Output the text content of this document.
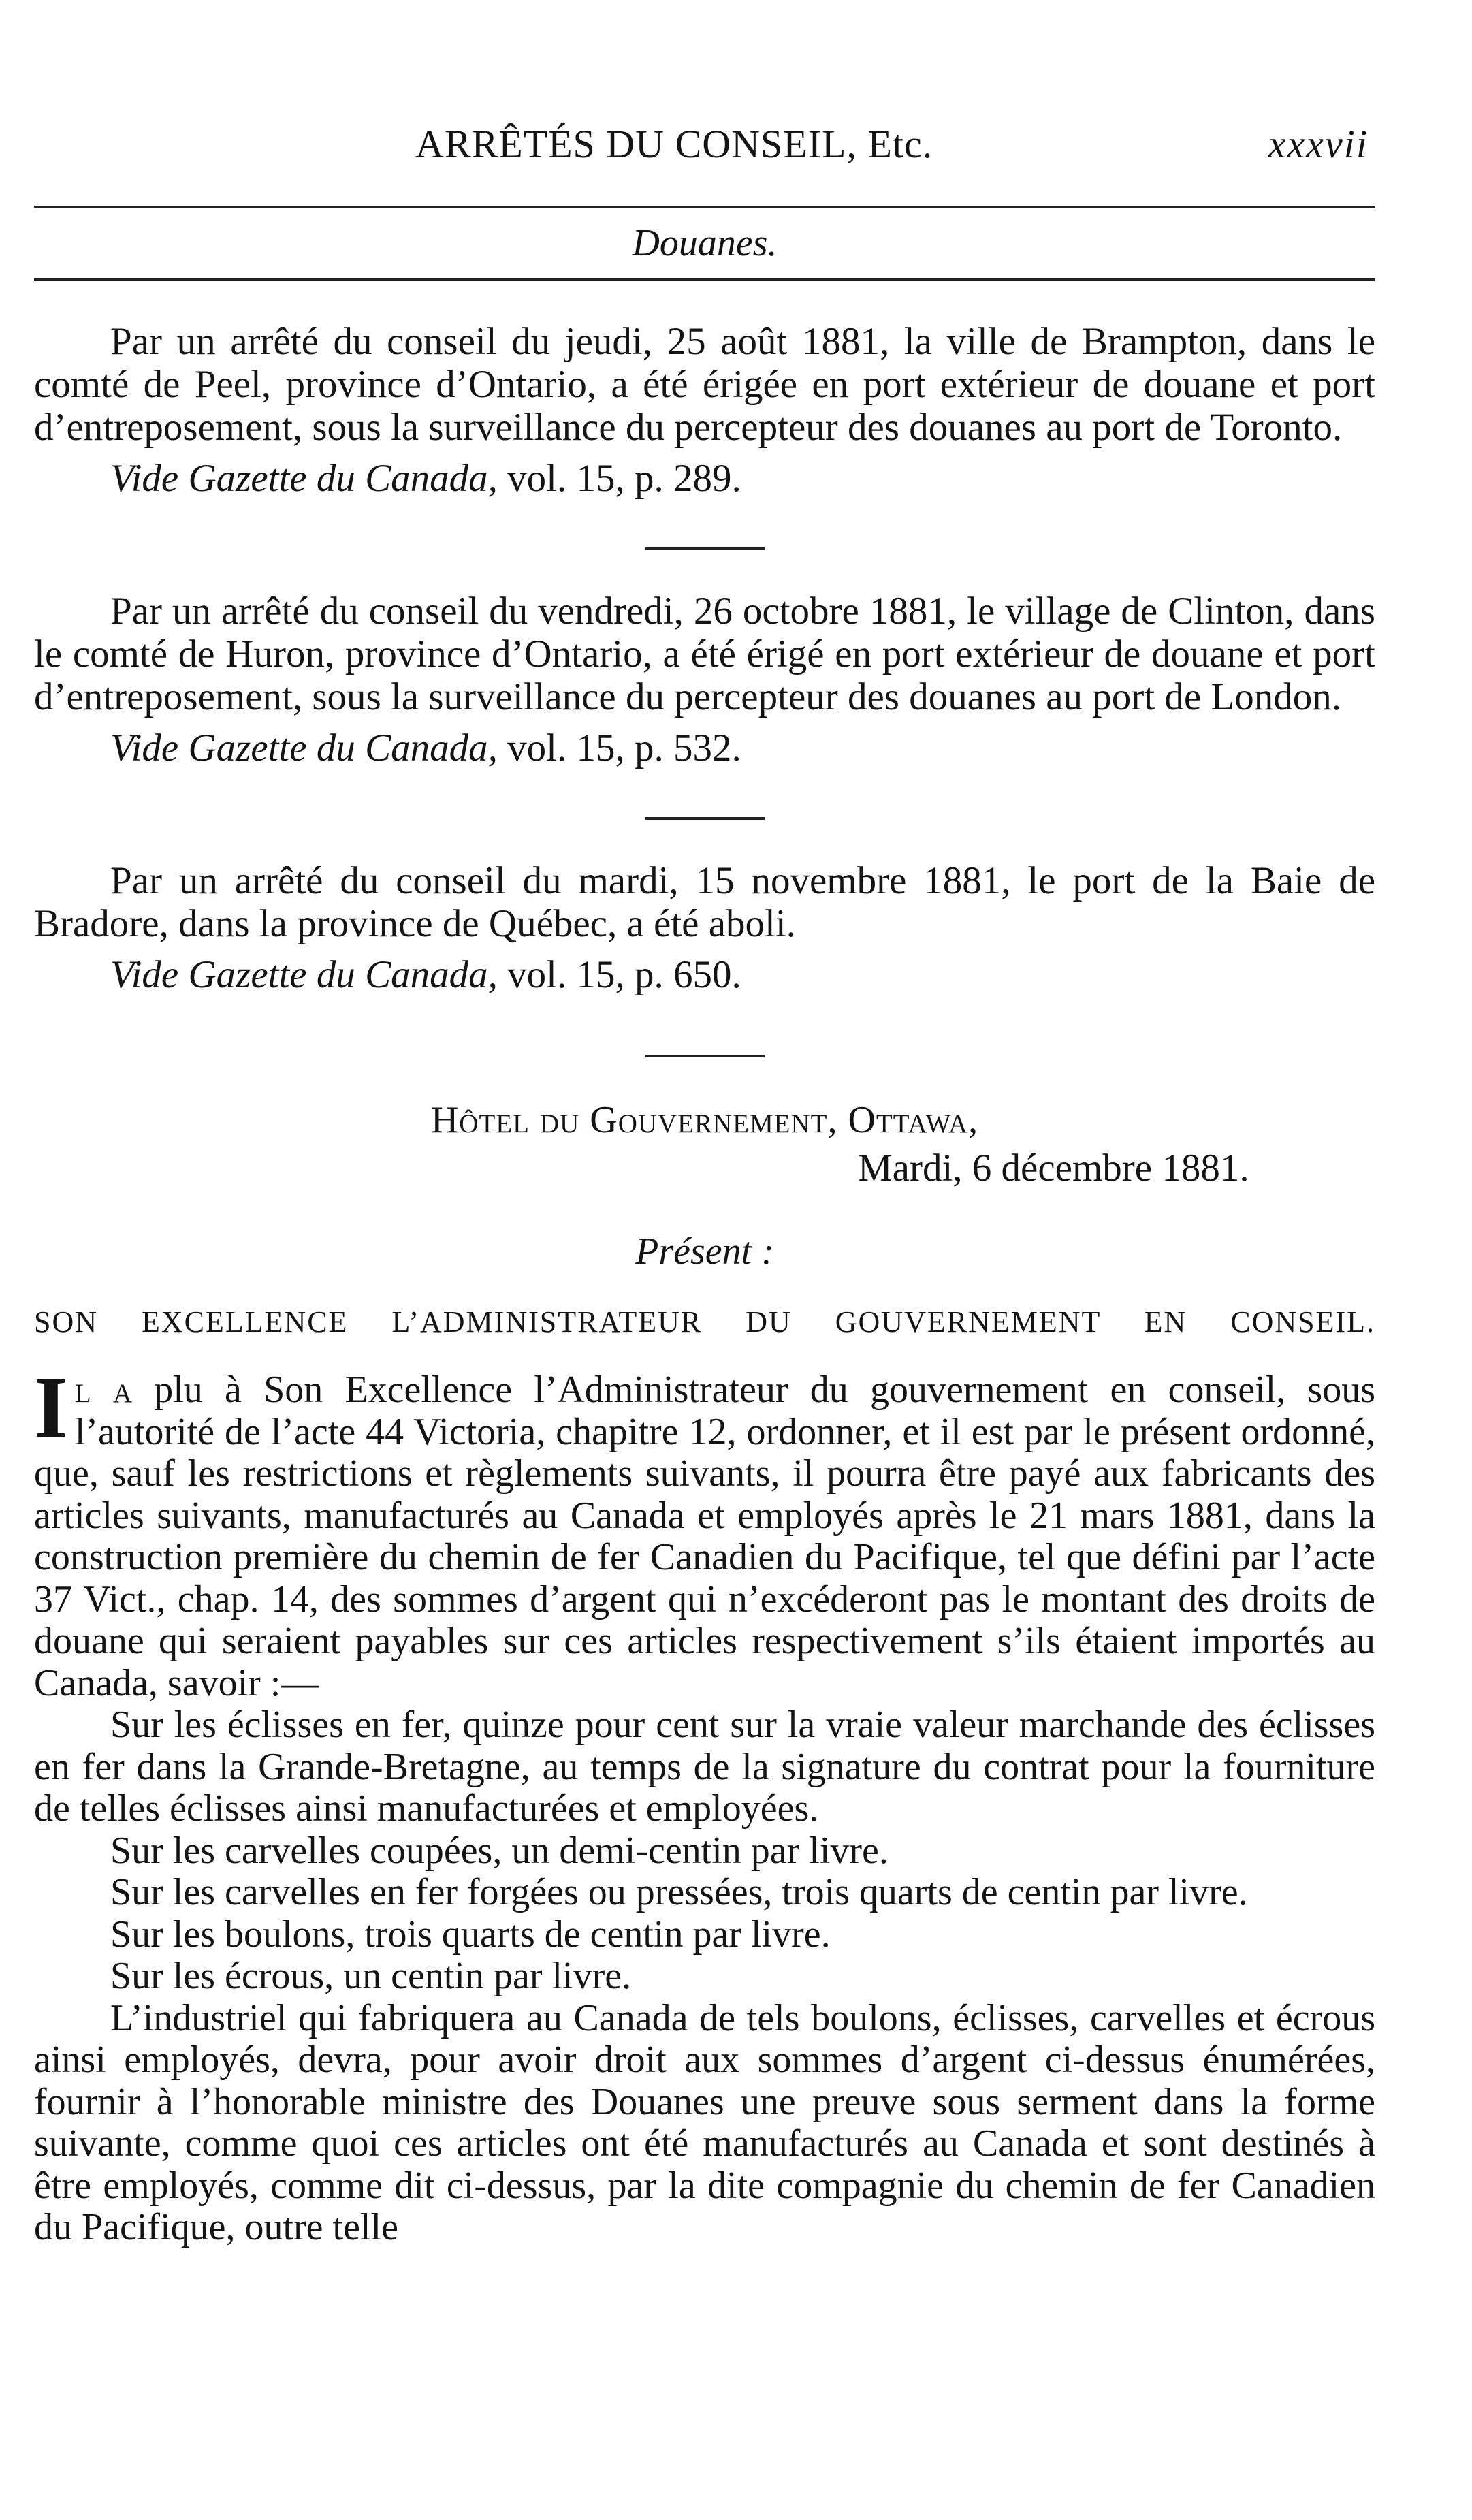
ARRÊTÉS DU CONSEIL, Etc.	xxxvii
Douanes.

Par un arrêté du conseil du jeudi, 25 août 1881, la ville de Brampton, dans le comté de Peel, province d’Ontario, a été érigée en port extérieur de douane et port d’entreposement, sous la surveillance du percepteur des douanes au port de Toronto.

Vide Gazette du Canada, vol. 15, p. 289.

Par un arrêté du conseil du vendredi, 26 octobre 1881, le village de Clinton, dans le comté de Huron, province d’Ontario, a été érigé en port extérieur de douane et port d’entreposement, sous la surveillance du percepteur des douanes au port de London.

Vide Gazette du Canada, vol. 15, p. 532.

Par un arrêté du conseil du mardi, 15 novembre 1881, le port de la Baie de Bradore, dans la province de Québec, a été aboli.

Vide Gazette du Canada, vol. 15, p. 650.
Hôtel du Gouvernement, Ottawa,
Mardi, 6 décembre 1881.
Présent :
SON EXCELLENCE L’ADMINISTRATEUR DU GOUVERNEMENT EN CONSEIL.

Il a plu à Son Excellence l’Administrateur du gouvernement en conseil, sous l’autorité de l’acte 44 Victoria, chapitre 12, ordonner, et il est par le présent ordonné, que, sauf les restrictions et règlements suivants, il pourra être payé aux fabricants des articles suivants, manufacturés au Canada et employés après le 21 mars 1881, dans la construction première du chemin de fer Canadien du Pacifique, tel que défini par l’acte 37 Vict., chap. 14, des sommes d’argent qui n’excéderont pas le montant des droits de douane qui seraient payables sur ces articles respectivement s’ils étaient importés au Canada, savoir :—

Sur les éclisses en fer, quinze pour cent sur la vraie valeur marchande des éclisses en fer dans la Grande-Bretagne, au temps de la signature du contrat pour la fourniture de telles éclisses ainsi manufacturées et employées.

Sur les carvelles coupées, un demi-centin par livre.

Sur les carvelles en fer forgées ou pressées, trois quarts de centin par livre.

Sur les boulons, trois quarts de centin par livre.

Sur les écrous, un centin par livre.

L’industriel qui fabriquera au Canada de tels boulons, éclisses, carvelles et écrous ainsi employés, devra, pour avoir droit aux sommes d’argent ci-dessus énumérées, fournir à l’honorable ministre des Douanes une preuve sous serment dans la forme suivante, comme quoi ces articles ont été manufacturés au Canada et sont destinés à être employés, comme dit ci-dessus, par la dite compagnie du chemin de fer Canadien du Pacifique, outre telle
